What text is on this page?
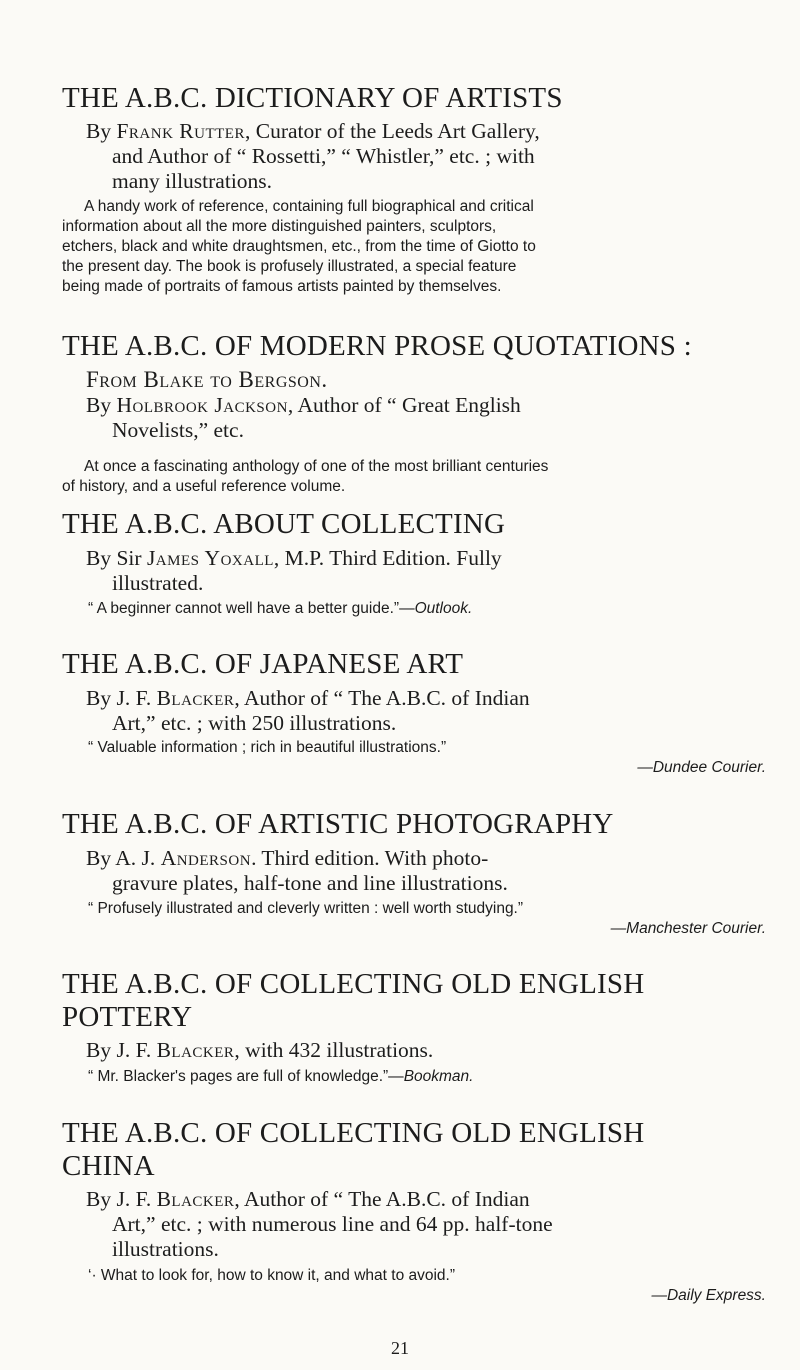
THE A.B.C. DICTIONARY OF ARTISTS
By Frank Rutter, Curator of the Leeds Art Gallery,
and Author of “ Rossetti,” “ Whistler,” etc. ; with
many illustrations.
A handy work of reference, containing full biographical and critical
information about all the more distinguished painters, sculptors,
etchers, black and white draughtsmen, etc., from the time of Giotto to
the present day. The book is profusely illustrated, a special feature
being made of portraits of famous artists painted by themselves.
THE A.B.C. OF MODERN PROSE QUOTATIONS :
From Blake to Bergson.
By Holbrook Jackson, Author of “ Great English
Novelists,” etc.
At once a fascinating anthology of one of the most brilliant centuries
of history, and a useful reference volume.
THE A.B.C. ABOUT COLLECTING
By Sir James Yoxall, M.P. Third Edition. Fully
illustrated.
“ A beginner cannot well have a better guide.”—Outlook.
THE A.B.C. OF JAPANESE ART
By J. F. Blacker, Author of “ The A.B.C. of Indian
Art,” etc. ; with 250 illustrations.
“ Valuable information ; rich in beautiful illustrations.”
—Dundee Courier.
THE A.B.C. OF ARTISTIC PHOTOGRAPHY
By A. J. Anderson. Third edition. With photo-
gravure plates, half-tone and line illustrations.
“ Profusely illustrated and cleverly written : well worth studying.”
—Manchester Courier.
THE A.B.C. OF COLLECTING OLD ENGLISH
POTTERY
By J. F. Blacker, with 432 illustrations.
“ Mr. Blacker's pages are full of knowledge.”—Bookman.
THE A.B.C. OF COLLECTING OLD ENGLISH
CHINA
By J. F. Blacker, Author of “ The A.B.C. of Indian
Art,” etc. ; with numerous line and 64 pp. half-tone
illustrations.
‘· What to look for, how to know it, and what to avoid.”
—Daily Express.
21
